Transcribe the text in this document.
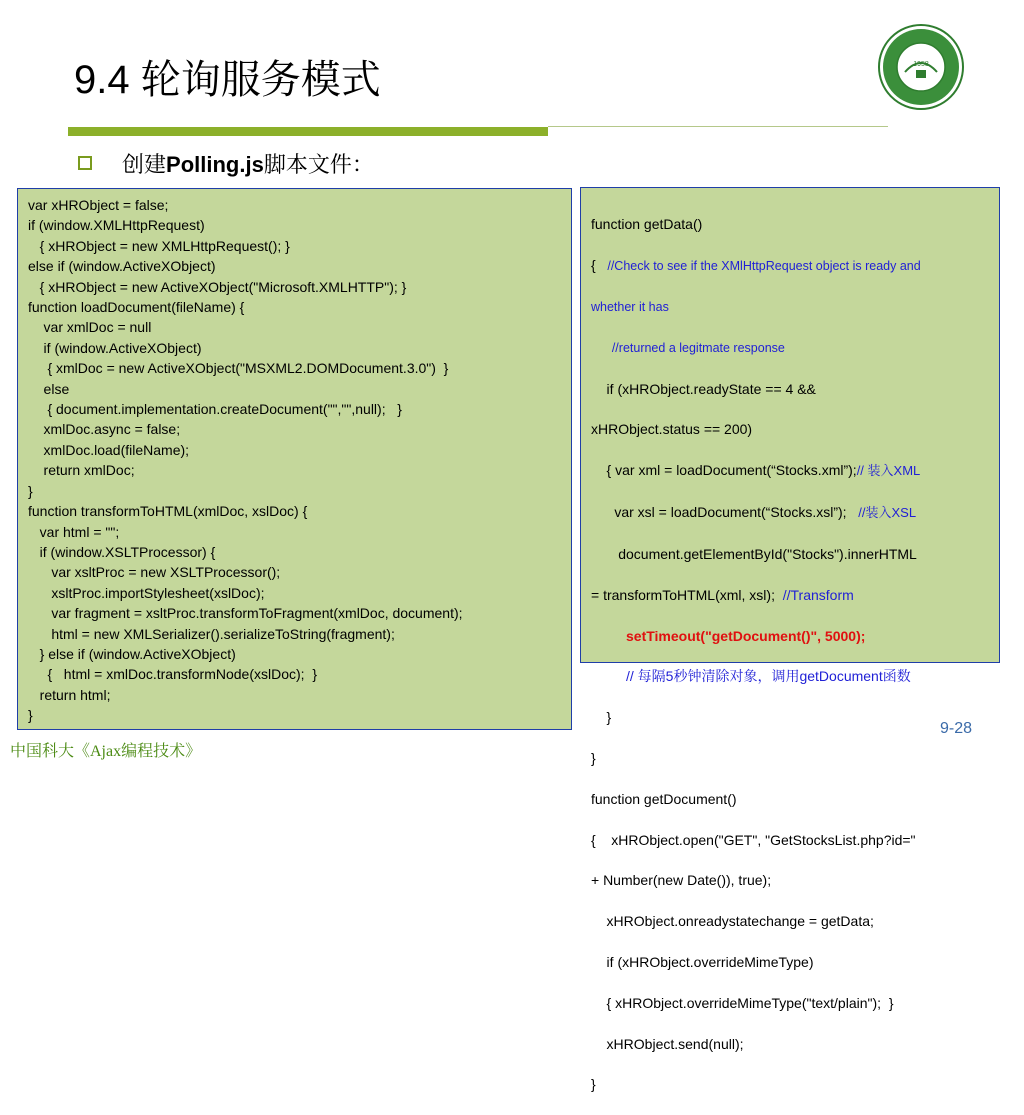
9.4 轮询服务模式	1958
创建Polling.js脚本文件：
var xHRObject = false;
if (window.XMLHttpRequest)
{ xHRObject = new XMLHttpRequest(); }
else if (window.ActiveXObject)
{ xHRObject = new ActiveXObject("Microsoft.XMLHTTP"); }
function loadDocument(fileName) {
var xmlDoc = null
if (window.ActiveXObject)
{ xmlDoc = new ActiveXObject("MSXML2.DOMDocument.3.0")  }
else
{ document.implementation.createDocument("","",null);   }
xmlDoc.async = false;
xmlDoc.load(fileName);
return xmlDoc;
}
function transformToHTML(xmlDoc, xslDoc) {
var html = "";
if (window.XSLTProcessor) {
var xsltProc = new XSLTProcessor();
xsltProc.importStylesheet(xslDoc);
var fragment = xsltProc.transformToFragment(xmlDoc, document);
html = new XMLSerializer().serializeToString(fragment);
} else if (window.ActiveXObject)
{   html = xmlDoc.transformNode(xslDoc);  }
return html;
}

function getData()

{   //Check to see if the XMlHttpRequest object is ready and

whether it has

//returned a legitmate response

if (xHRObject.readyState == 4 &&

xHRObject.status == 200)

{ var xml = loadDocument(“Stocks.xml”);// 装入XML

var xsl = loadDocument(“Stocks.xsl”);   //装入XSL

document.getElementById("Stocks").innerHTML

= transformToHTML(xml, xsl);  //Transform

setTimeout("getDocument()", 5000);

// 每隔5秒钟清除对象，调用getDocument函数

}

}

function getDocument()

{    xHRObject.open("GET", "GetStocksList.php?id="

+ Number(new Date()), true);

xHRObject.onreadystatechange = getData;

if (xHRObject.overrideMimeType)

{ xHRObject.overrideMimeType("text/plain");  }

xHRObject.send(null);

}

9-28
中国科大《Ajax编程技术》
